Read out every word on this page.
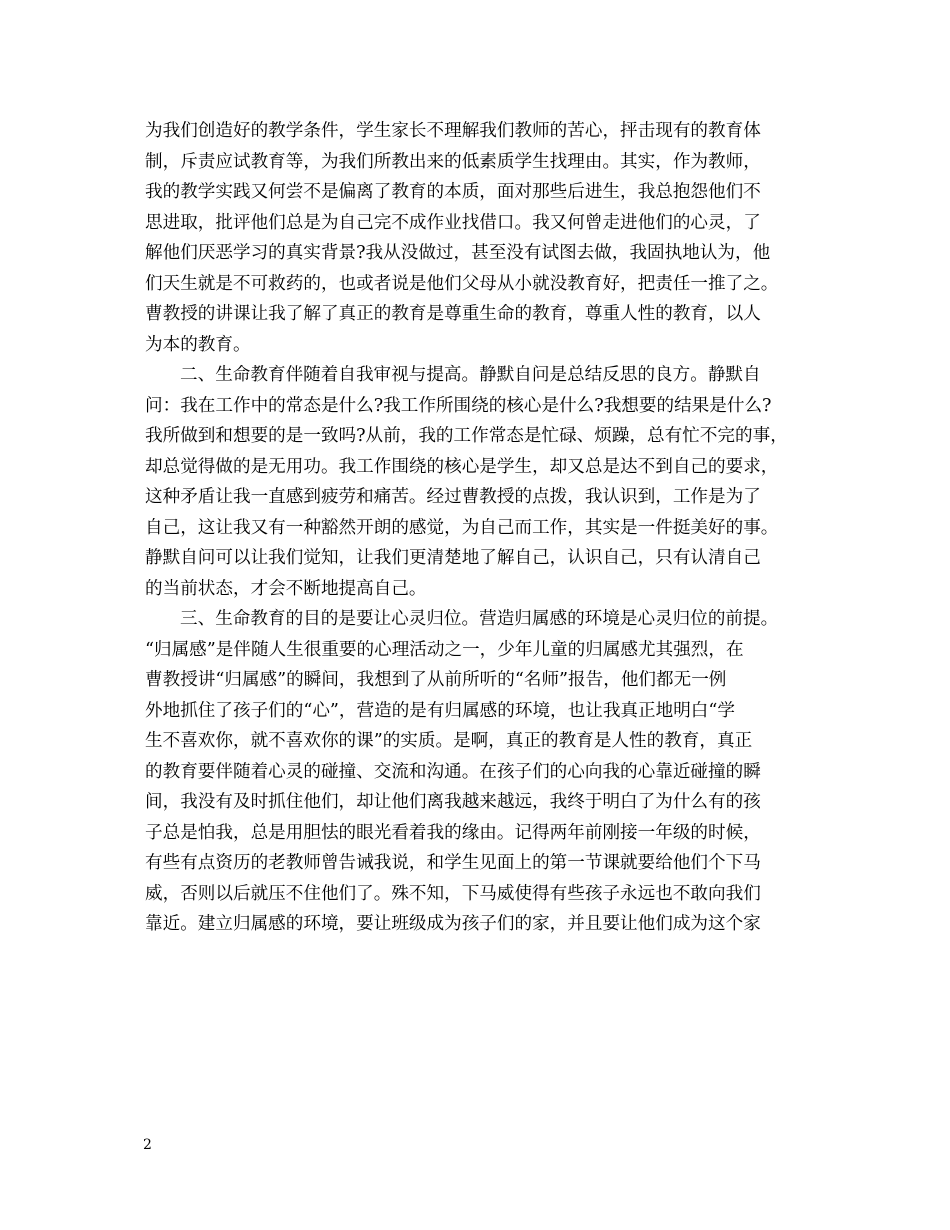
为我们创造好的教学条件，学生家长不理解我们教师的苦心，抨击现有的教育体

制，斥责应试教育等，为我们所教出来的低素质学生找理由。其实，作为教师，

我的教学实践又何尝不是偏离了教育的本质，面对那些后进生，我总抱怨他们不

思进取，批评他们总是为自己完不成作业找借口。我又何曾走进他们的心灵，了

解他们厌恶学习的真实背景?我从没做过，甚至没有试图去做，我固执地认为，他

们天生就是不可救药的，也或者说是他们父母从小就没教育好，把责任一推了之。

曹教授的讲课让我了解了真正的教育是尊重生命的教育，尊重人性的教育，以人

为本的教育。

二、生命教育伴随着自我审视与提高。静默自问是总结反思的良方。静默自

问：我在工作中的常态是什么?我工作所围绕的核心是什么?我想要的结果是什么?

我所做到和想要的是一致吗?从前，我的工作常态是忙碌、烦躁，总有忙不完的事，

却总觉得做的是无用功。我工作围绕的核心是学生，却又总是达不到自己的要求，

这种矛盾让我一直感到疲劳和痛苦。经过曹教授的点拨，我认识到，工作是为了

自己，这让我又有一种豁然开朗的感觉，为自己而工作，其实是一件挺美好的事。

静默自问可以让我们觉知，让我们更清楚地了解自己，认识自己，只有认清自己

的当前状态，才会不断地提高自己。

三、生命教育的目的是要让心灵归位。营造归属感的环境是心灵归位的前提。

“归属感”是伴随人生很重要的心理活动之一，少年儿童的归属感尤其强烈，在

曹教授讲“归属感”的瞬间，我想到了从前所听的“名师”报告，他们都无一例

外地抓住了孩子们的“心”，营造的是有归属感的环境，也让我真正地明白“学

生不喜欢你，就不喜欢你的课”的实质。是啊，真正的教育是人性的教育，真正

的教育要伴随着心灵的碰撞、交流和沟通。在孩子们的心向我的心靠近碰撞的瞬

间，我没有及时抓住他们，却让他们离我越来越远，我终于明白了为什么有的孩

子总是怕我，总是用胆怯的眼光看着我的缘由。记得两年前刚接一年级的时候，

有些有点资历的老教师曾告诫我说，和学生见面上的第一节课就要给他们个下马

威，否则以后就压不住他们了。殊不知，下马威使得有些孩子永远也不敢向我们

靠近。建立归属感的环境，要让班级成为孩子们的家，并且要让他们成为这个家

2
